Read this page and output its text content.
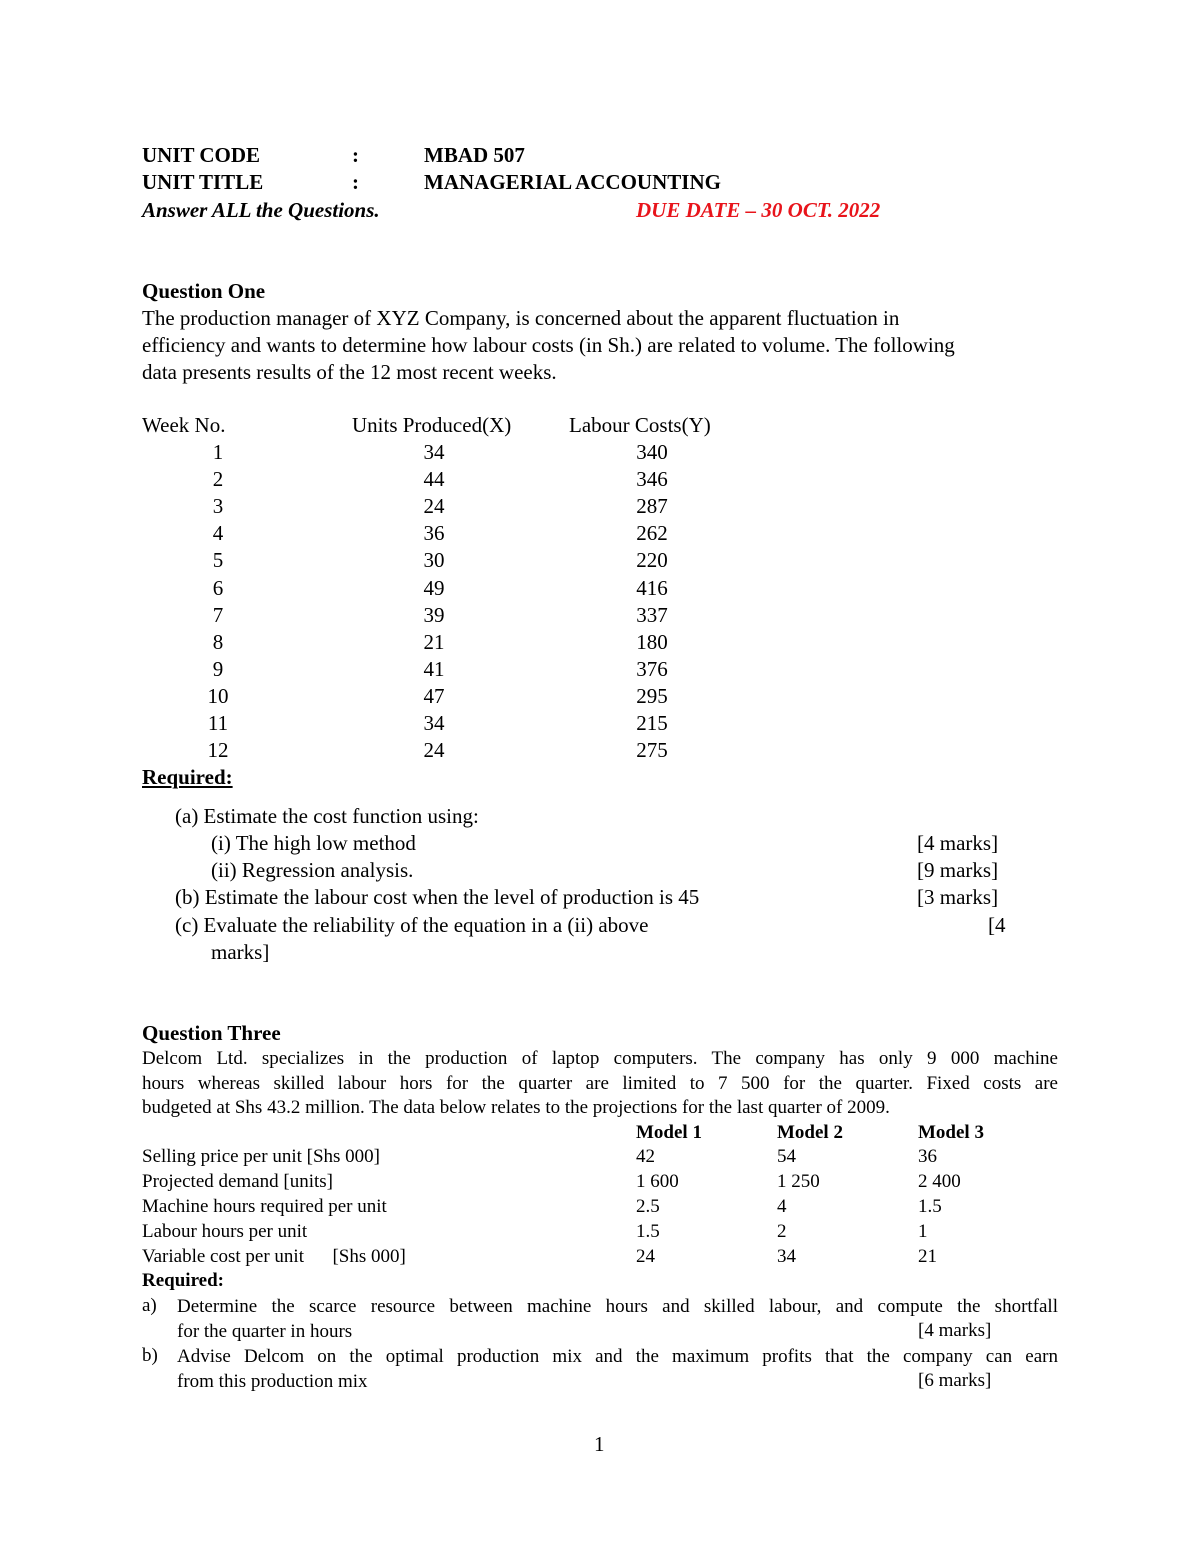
UNIT CODE	:	MBAD 507
UNIT TITLE	:	MANAGERIAL ACCOUNTING
Answer ALL the Questions.	DUE DATE – 30 OCT. 2022
Question One
The production manager of XYZ Company, is concerned about the apparent fluctuation in
efficiency and wants to determine how labour costs (in Sh.) are related to volume. The following
data presents results of the 12 most recent weeks.
Week No.	Units Produced(X)	Labour Costs(Y)
1	34	340
2	44	346
3	24	287
4	36	262
5	30	220
6	49	416
7	39	337
8	21	180
9	41	376
10	47	295
11	34	215
12	24	275
Required:
(a) Estimate the cost function using:
(i) The high low method	[4 marks]
(ii) Regression analysis.	[9 marks]
(b) Estimate the labour cost when the level of production is 45	[3 marks]
(c) Evaluate the reliability of the equation in a (ii) above	[4
marks]
Question Three
Delcom Ltd. specializes in the production of laptop computers. The company has only 9 000 machine
hours whereas skilled labour hors for the quarter are limited to 7 500 for the quarter. Fixed costs are
budgeted at Shs 43.2 million. The data below relates to the projections for the last quarter of 2009.
Model 1	Model 2	Model 3
Selling price per unit [Shs 000]	42	54	36
Projected demand [units]	1 600	1 250	2 400
Machine hours required per unit	2.5	4	1.5
Labour hours per unit	1.5	2	1
Variable cost per unit      [Shs 000]	24	34	21
Required:
a) Determine the scarce resource between machine hours and skilled labour, and compute the shortfall
for the quarter in hours	[4 marks]
b) Advise Delcom on the optimal production mix and the maximum profits that the company can earn
from this production mix	[6 marks]
1
